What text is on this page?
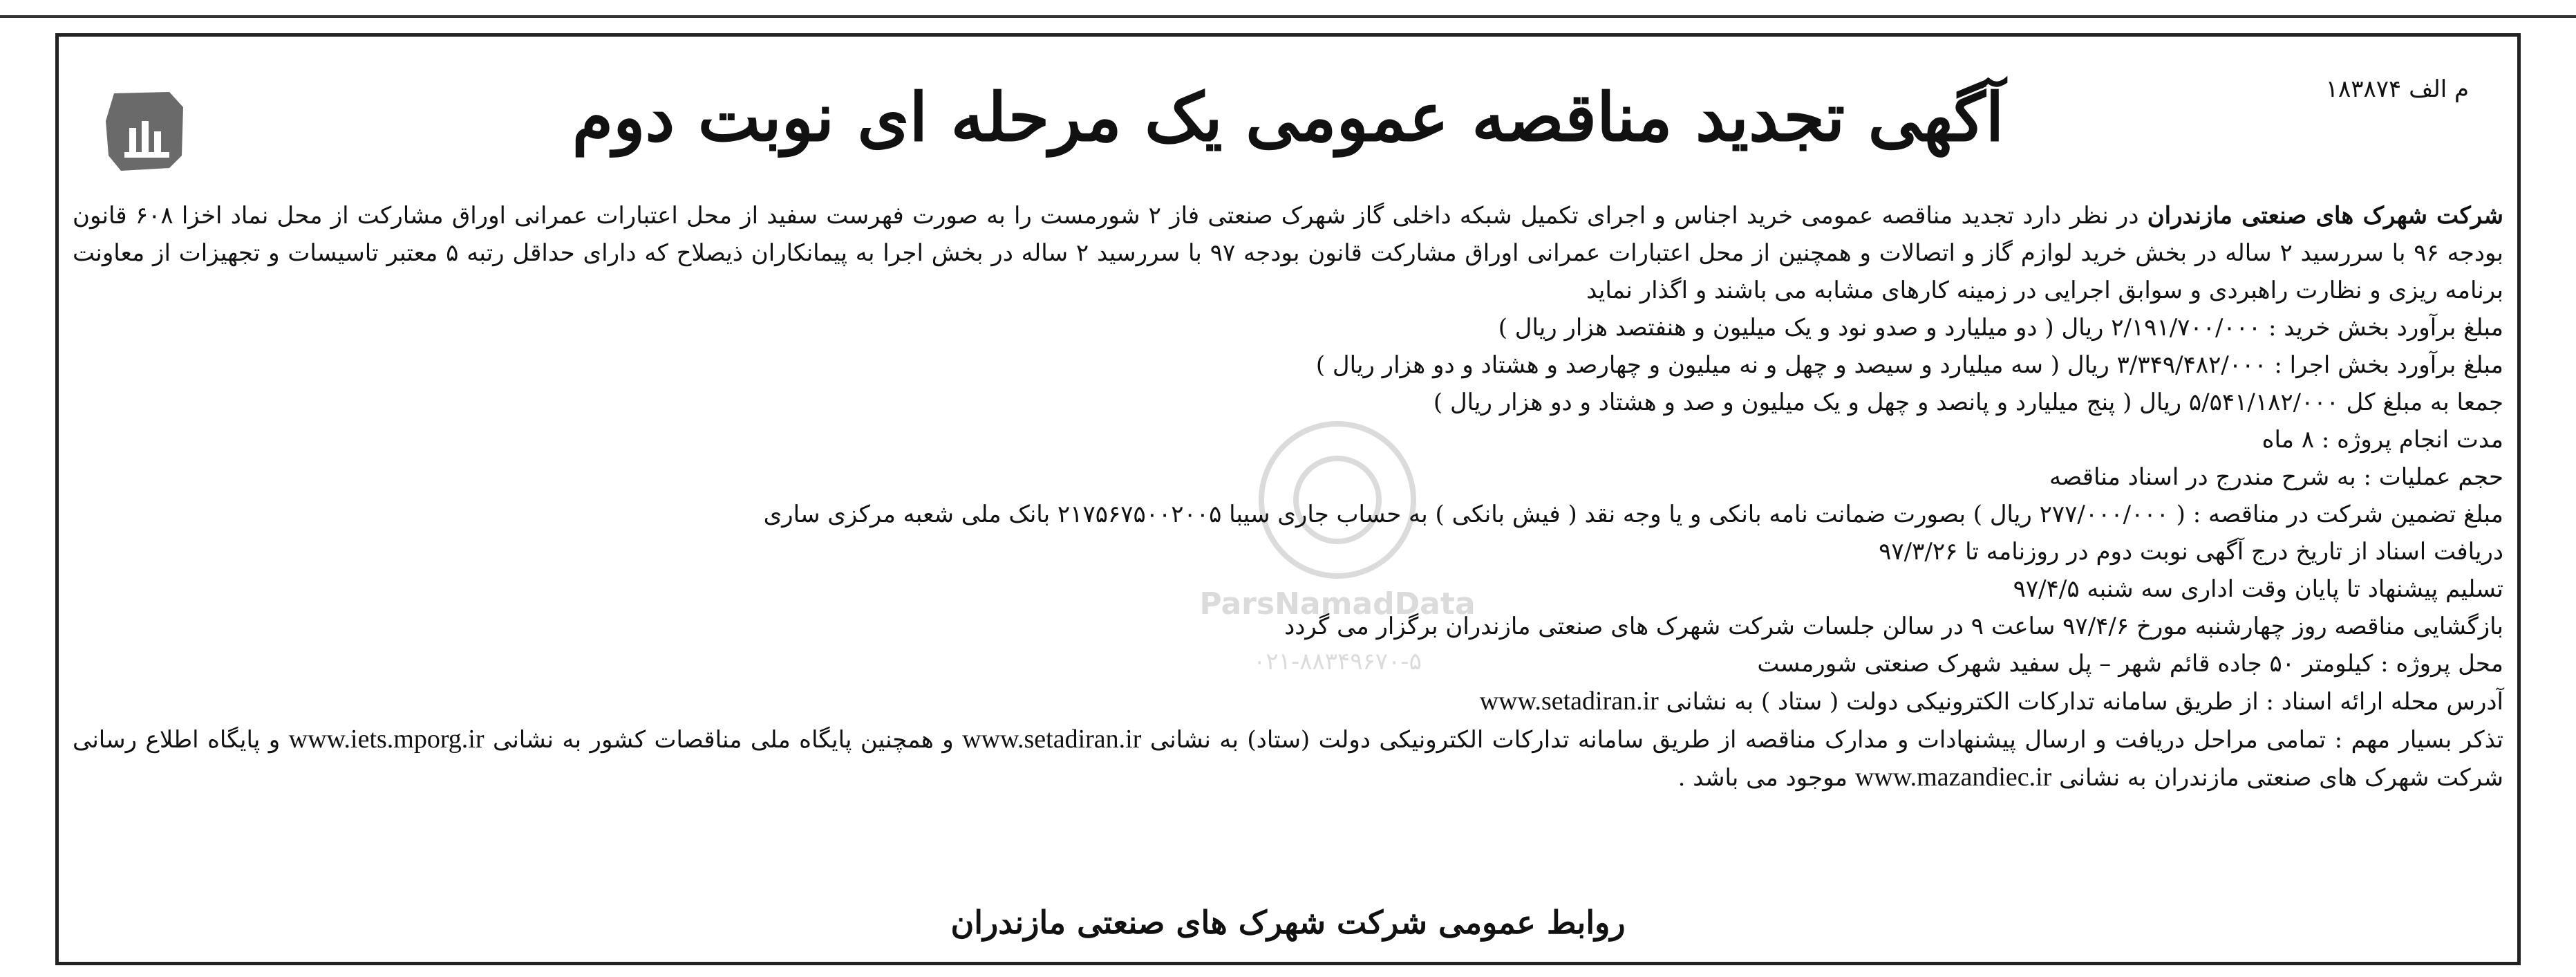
م الف ۱۸۳۸۷۴
آگهی تجدید مناقصه عمومی یک مرحله ای نوبت دوم
ParsNamadData
۰۲۱-۸۸۳۴۹۶۷۰-۵

شرکت شهرک های صنعتی مازندران در نظر دارد تجدید مناقصه عمومی خرید اجناس و اجرای تکمیل شبکه داخلی گاز شهرک صنعتی فاز ۲ شورمست را به صورت فهرست سفید از محل اعتبارات عمرانی اوراق مشارکت از محل نماد اخزا ۶۰۸ قانون بودجه ۹۶ با سررسید ۲ ساله در بخش خرید لوازم گاز و اتصالات و همچنین از محل اعتبارات عمرانی اوراق مشارکت قانون بودجه ۹۷ با سررسید ۲ ساله در بخش اجرا به پیمانکاران ذیصلاح که دارای حداقل رتبه ۵ معتبر تاسیسات و تجهیزات از معاونت برنامه ریزی و نظارت راهبردی و سوابق اجرایی در زمینه کارهای مشابه می باشند و اگذار نماید

مبلغ برآورد بخش خرید : ۲/۱۹۱/۷۰۰/۰۰۰ ریال ( دو میلیارد و صدو نود و یک میلیون و هنفتصد هزار ریال )

مبلغ برآورد بخش اجرا : ۳/۳۴۹/۴۸۲/۰۰۰ ریال ( سه میلیارد و سیصد و چهل و نه میلیون و چهارصد و هشتاد و دو هزار ریال )

جمعا به مبلغ کل ۵/۵۴۱/۱۸۲/۰۰۰ ریال ( پنج میلیارد و پانصد و چهل و یک میلیون و صد و هشتاد و دو هزار ریال )

مدت انجام پروژه : ۸ ماه

حجم عملیات : به شرح مندرج در اسناد مناقصه

مبلغ تضمین شرکت در مناقصه : ( ۲۷۷/۰۰۰/۰۰۰ ریال ) بصورت ضمانت نامه بانکی و یا وجه نقد ( فیش بانکی ) به حساب جاری سیبا ۲۱۷۵۶۷۵۰۰۲۰۰۵ بانک ملی شعبه مرکزی ساری

دریافت اسناد از تاریخ درج آگهی نوبت دوم در روزنامه تا ۹۷/۳/۲۶

تسلیم پیشنهاد تا پایان وقت اداری سه شنبه ۹۷/۴/۵

بازگشایی مناقصه روز چهارشنبه مورخ ۹۷/۴/۶ ساعت ۹ در سالن جلسات شرکت شهرک های صنعتی مازندران برگزار می گردد

محل پروژه : کیلومتر ۵۰ جاده قائم شهر – پل سفید شهرک صنعتی شورمست

آدرس محله ارائه اسناد : از طریق سامانه تدارکات الکترونیکی دولت ( ستاد ) به نشانی www.setadiran.ir

تذکر بسیار مهم : تمامی مراحل دریافت و ارسال پیشنهادات و مدارک مناقصه از طریق سامانه تدارکات الکترونیکی دولت (ستاد) به نشانی www.setadiran.ir و همچنین پایگاه ملی مناقصات کشور به نشانی www.iets.mporg.ir و پایگاه اطلاع رسانی شرکت شهرک های صنعتی مازندران به نشانی www.mazandiec.ir موجود می باشد .

روابط عمومی شرکت شهرک های صنعتی مازندران
